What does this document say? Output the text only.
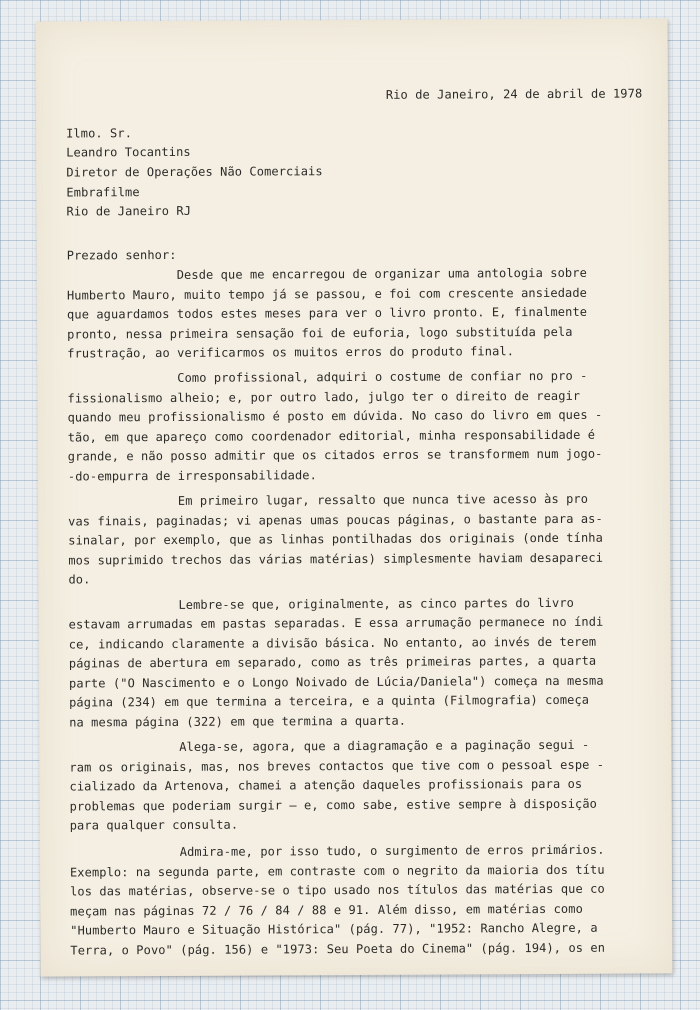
Rio de Janeiro, 24 de abril de 1978
Ilmo. Sr.
Leandro Tocantins
Diretor de Operações Não Comerciais
Embrafilme
Rio de Janeiro RJ
Prezado senhor:
Desde que me encarregou de organizar uma antologia sobre
Humberto Mauro, muito tempo já se passou, e foi com crescente ansiedade
que aguardamos todos estes meses para ver o livro pronto. E, finalmente
pronto, nessa primeira sensação foi de euforia, logo substituída pela
frustração, ao verificarmos os muitos erros do produto final.
Como profissional, adquiri o costume de confiar no pro -
fissionalismo alheio; e, por outro lado, julgo ter o direito de reagir
quando meu profissionalismo é posto em dúvida. No caso do livro em ques -
tão, em que apareço como coordenador editorial, minha responsabilidade é
grande, e não posso admitir que os citados erros se transformem num jogo-
-do-empurra de irresponsabilidade.
Em primeiro lugar, ressalto que nunca tive acesso às pro
vas finais, paginadas; vi apenas umas poucas páginas, o bastante para as-
sinalar, por exemplo, que as linhas pontilhadas dos originais (onde tínha
mos suprimido trechos das várias matérias) simplesmente haviam desapareci
do.
Lembre-se que, originalmente, as cinco partes do livro
estavam arrumadas em pastas separadas. E essa arrumação permanece no índi
ce, indicando claramente a divisão básica. No entanto, ao invés de terem
páginas de abertura em separado, como as três primeiras partes, a quarta
parte ("O Nascimento e o Longo Noivado de Lúcia/Daniela") começa na mesma
página (234) em que termina a terceira, e a quinta (Filmografia) começa
na mesma página (322) em que termina a quarta.
Alega-se, agora, que a diagramação e a paginação segui -
ram os originais, mas, nos breves contactos que tive com o pessoal espe -
cializado da Artenova, chamei a atenção daqueles profissionais para os
problemas que poderiam surgir — e, como sabe, estive sempre à disposição
para qualquer consulta.
Admira-me, por isso tudo, o surgimento de erros primários.
Exemplo: na segunda parte, em contraste com o negrito da maioria dos títu
los das matérias, observe-se o tipo usado nos títulos das matérias que co
meçam nas páginas 72 / 76 / 84 / 88 e 91. Além disso, em matérias como
"Humberto Mauro e Situação Histórica" (pág. 77), "1952: Rancho Alegre, a
Terra, o Povo" (pág. 156) e "1973: Seu Poeta do Cinema" (pág. 194), os en
